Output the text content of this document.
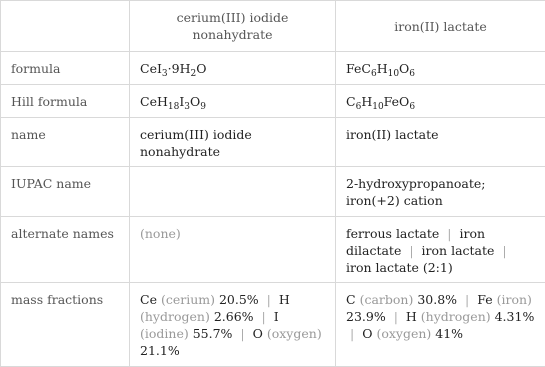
	cerium(III) iodide nonahydrate	iron(II) lactate
formula	$CeI_3\cdot 9H_2O$	$FeC_6H_{10}O_6$
Hill formula	$CeH_{18}I_3O_9$	$C_6H_{10}FeO_6$
name	cerium(III) iodide nonahydrate	iron(II) lactate
IUPAC name		2-hydroxypropanoate; iron(+2) cation
alternate names	(none)	ferrous lactate | iron dilactate | iron lactate | iron lactate (2:1)
mass fractions	Ce (cerium) 20.5% | H (hydrogen) 2.66% | I (iodine) 55.7% | O (oxygen) 21.1%	C (carbon) 30.8% | Fe (iron) 23.9% | H (hydrogen) 4.31% | O (oxygen) 41%
